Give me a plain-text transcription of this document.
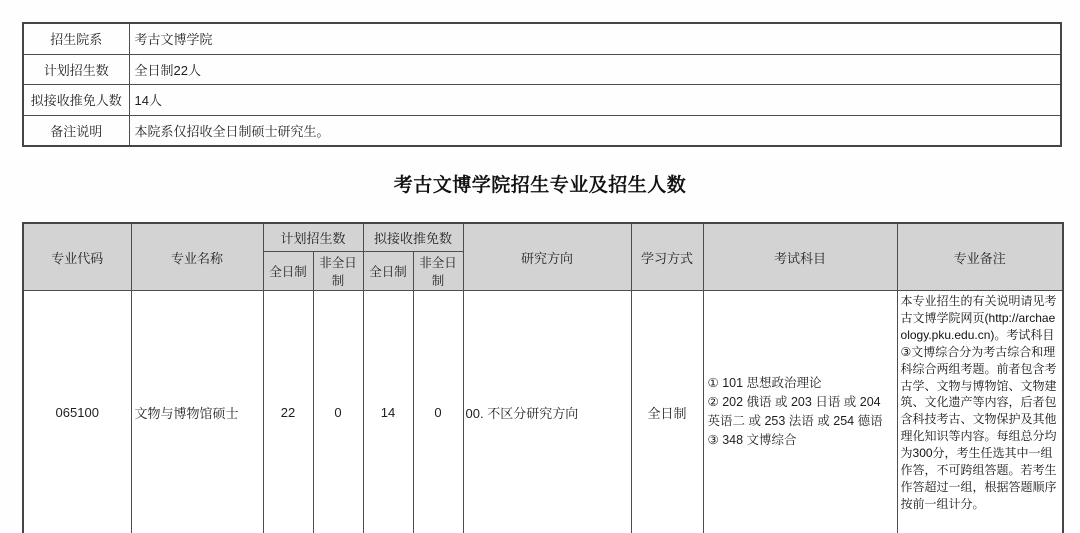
招生院系	考古文博学院
计划招生数	全日制22人
拟接收推免人数	14人
备注说明	本院系仅招收全日制硕士研究生。
考古文博学院招生专业及招生人数
专业代码	专业名称	计划招生数		拟接收推免数		研究方向	学习方式	考试科目	专业备注
		全日制	非全日制	全日制	非全日制				
065100	文物与博物馆硕士	22	0	14	0	00. 不区分研究方向	全日制	① 101 思想政治理论
② 202 俄语 或 203 日语 或 204 英语二 或 253 法语 或 254 德语
③ 348 文博综合	本专业招生的有关说明请见考古文博学院网页(http://archaeology.pku.edu.cn)。考试科目③文博综合分为考古综合和理科综合两组考题。前者包含考古学、文物与博物馆、文物建筑、文化遗产等内容，后者包含科技考古、文物保护及其他理化知识等内容。每组总分均为300分，考生任选其中一组作答，不可跨组答题。若考生作答超过一组，根据答题顺序按前一组计分。
